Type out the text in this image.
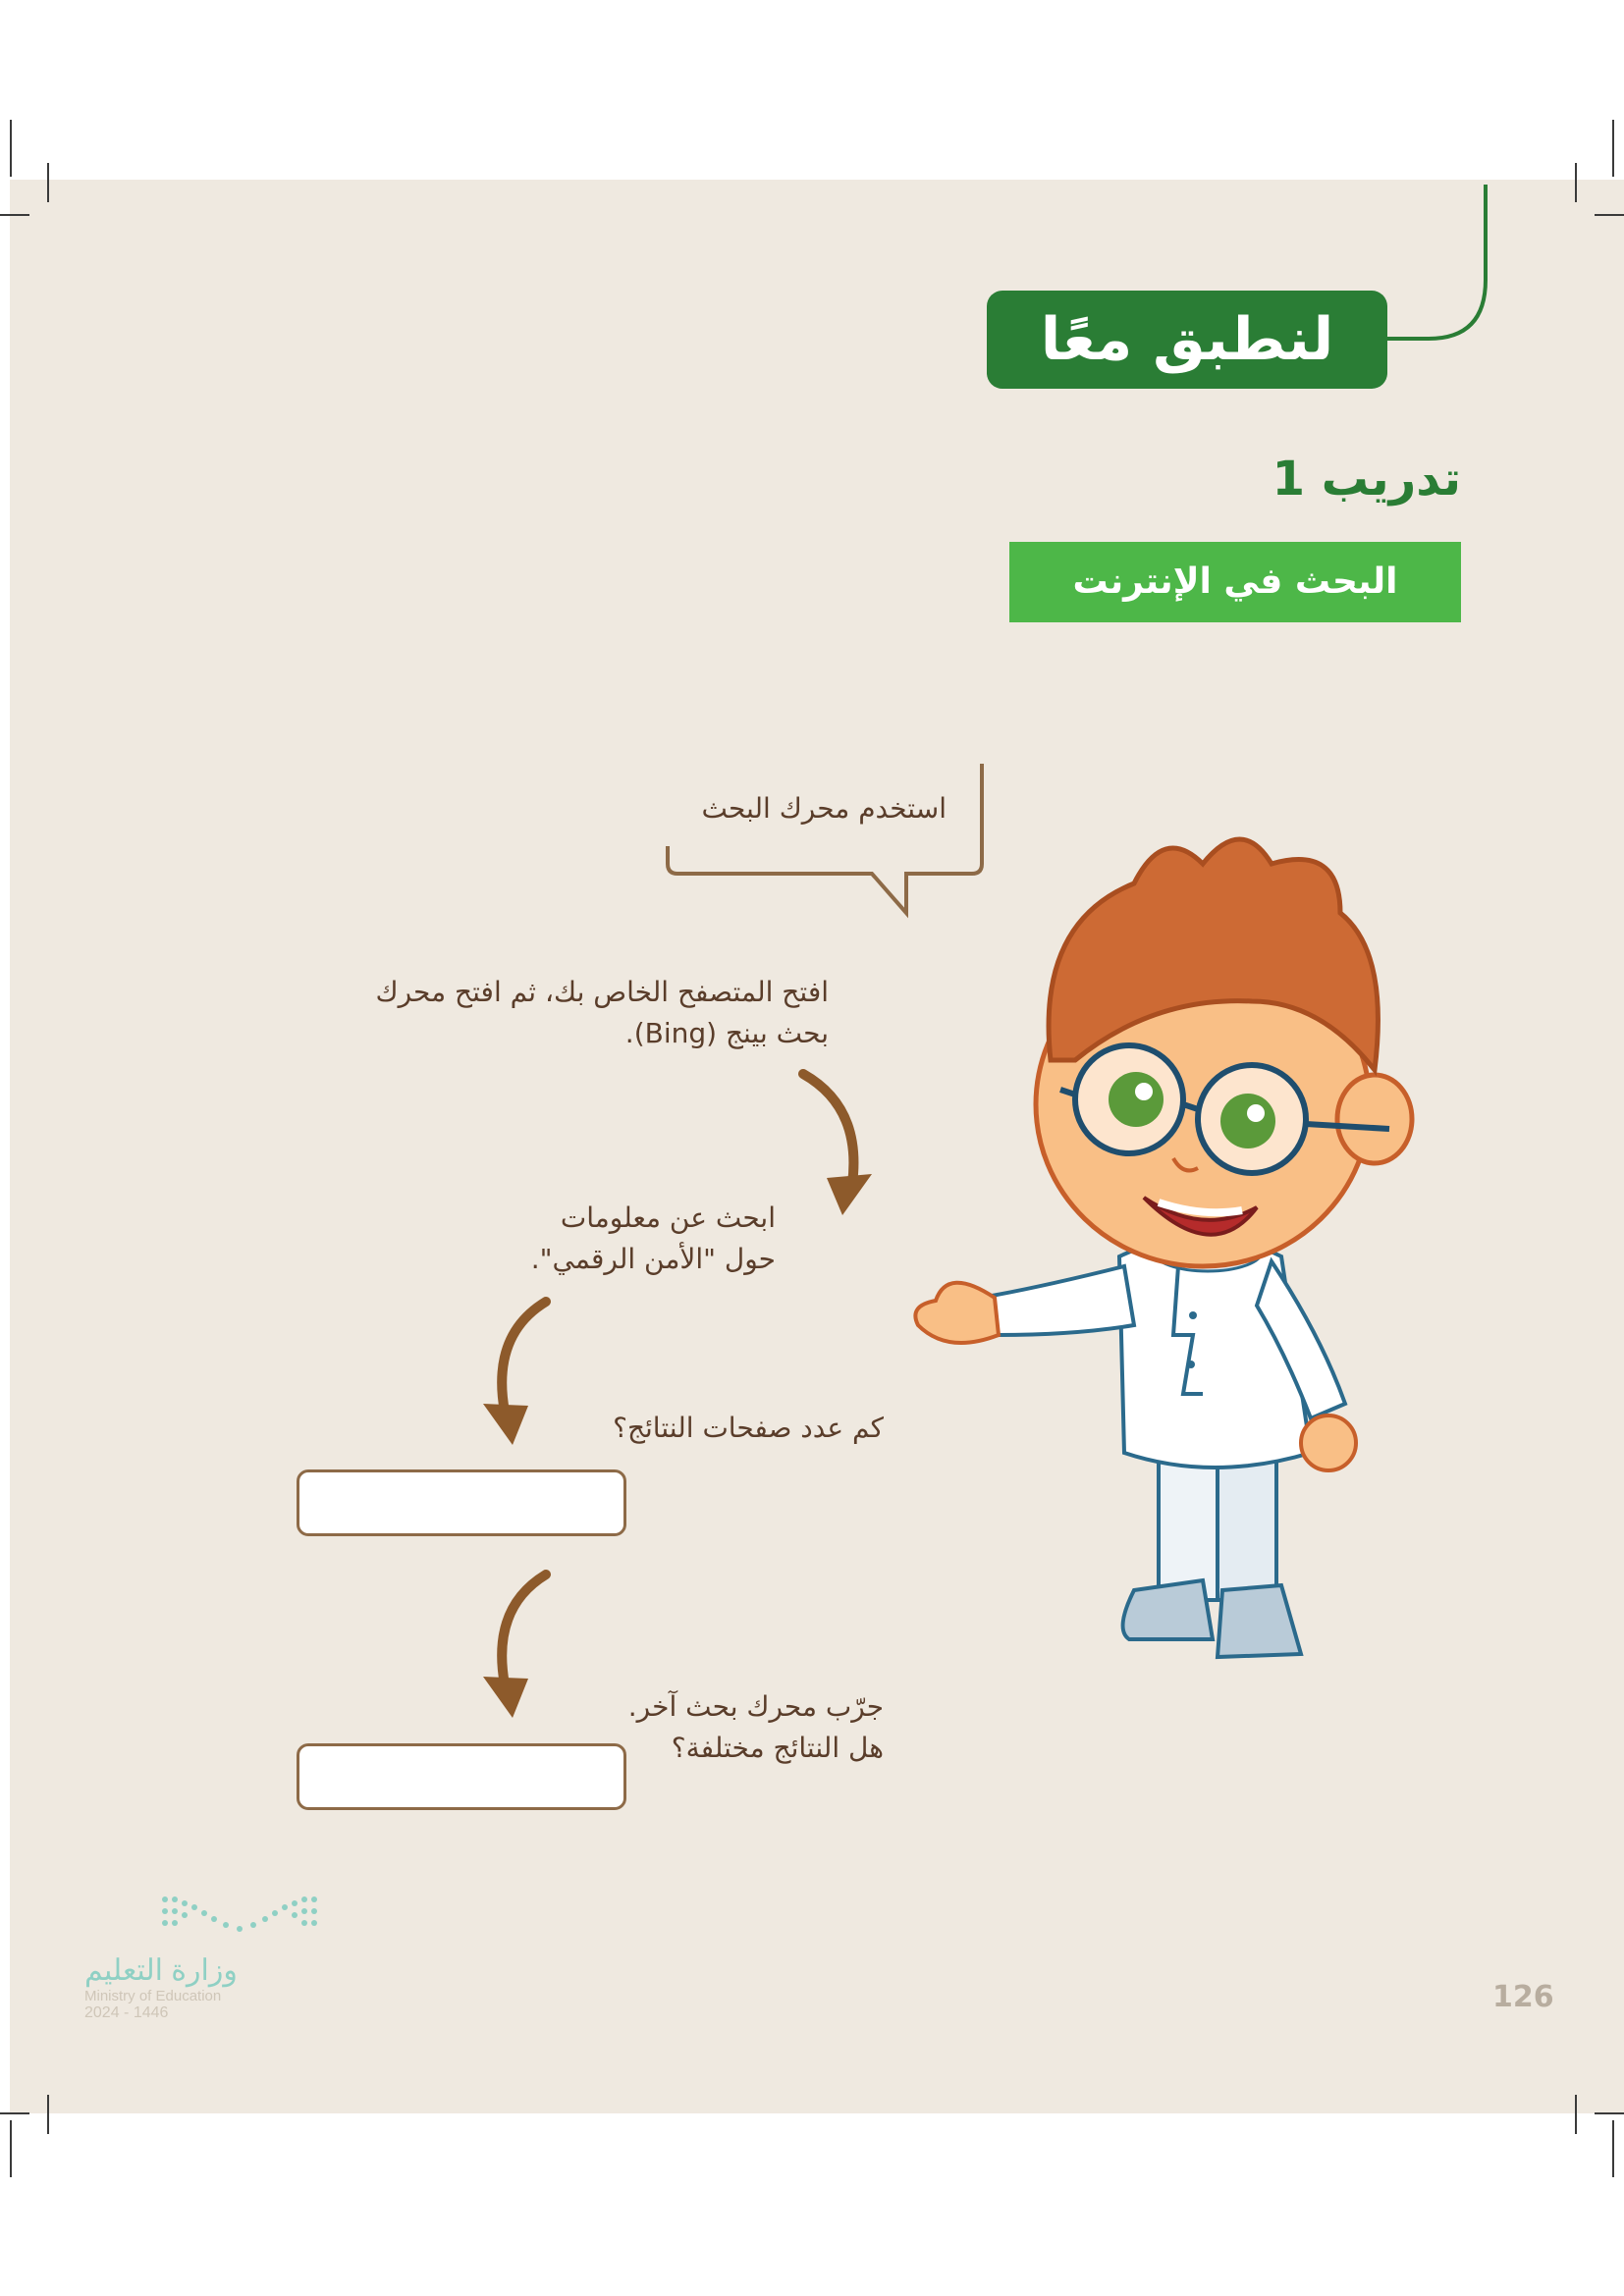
لنطبق معًا
تدريب 1
البحث في الإنترنت
استخدم محرك البحث
افتح المتصفح الخاص بك، ثم افتح محرك
بحث بينج (Bing).
ابحث عن معلومات
حول "الأمن الرقمي".
كم عدد صفحات النتائج؟
جرّب محرك بحث آخر.
هل النتائج مختلفة؟
وزارة التعليم
Ministry of Education
2024 - 1446	126
